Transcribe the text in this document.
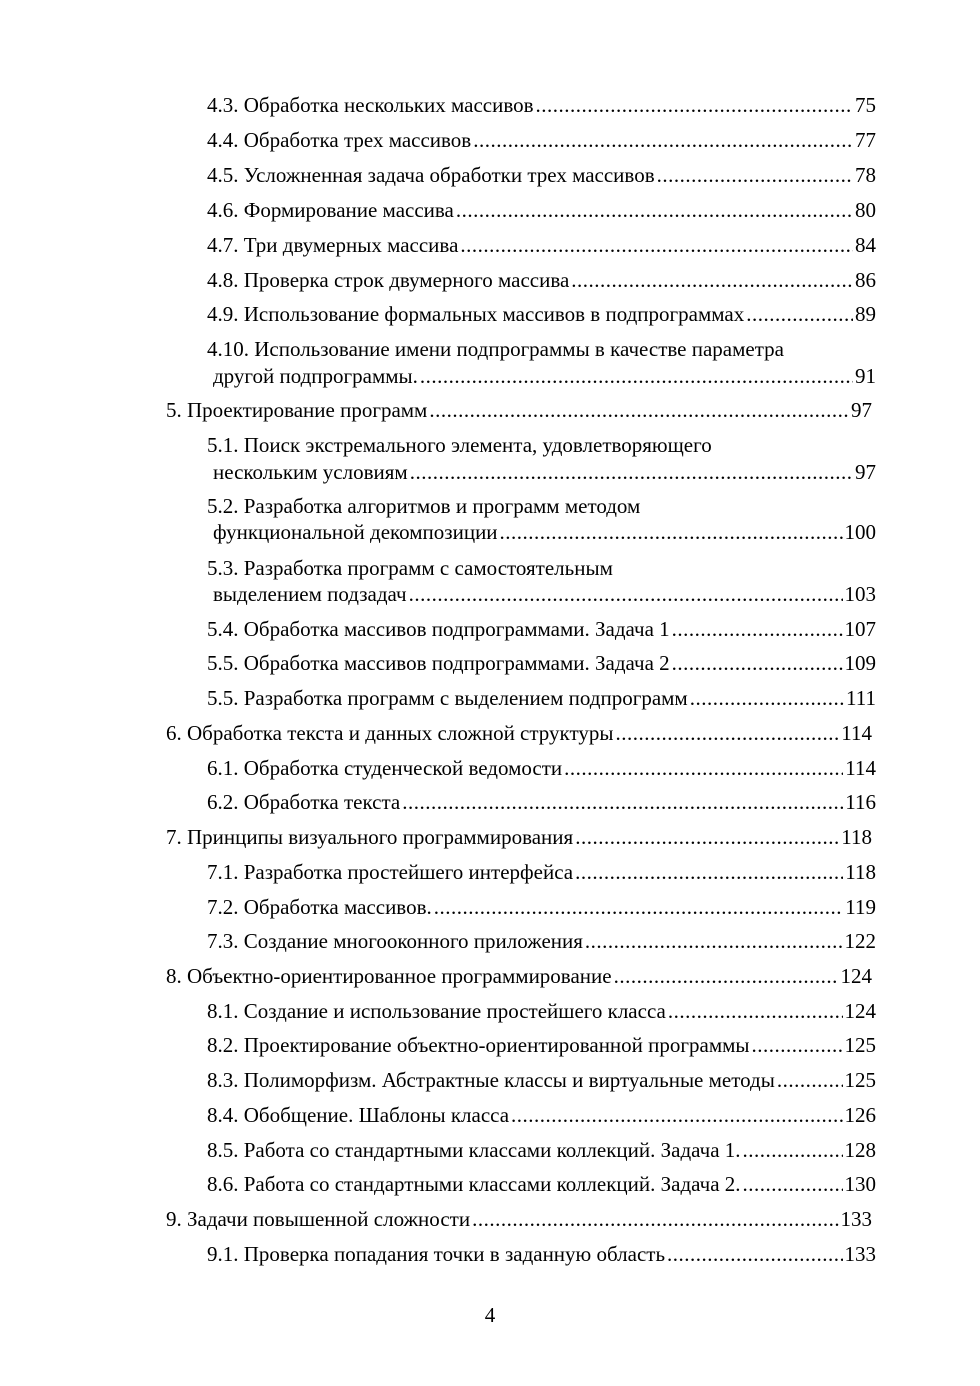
4.3. Обработка нескольких массивов .....	75
4.4. Обработка трех массивов .....	77
4.5. Усложненная задача обработки трех массивов .....	78
4.6. Формирование массива .....	80
4.7. Три двумерных массива .....	84
4.8. Проверка строк двумерного массива .....	86
4.9. Использование формальных массивов в подпрограммах .....	89
4.10. Использование имени подпрограммы в качестве параметра
другой подпрограммы. .....	91
5. Проектирование программ .....	97
5.1. Поиск экстремального элемента, удовлетворяющего
нескольким условиям .....	97
5.2. Разработка алгоритмов и программ методом
функциональной декомпозиции .....	100
5.3. Разработка программ с самостоятельным
выделением подзадач .....	103
5.4. Обработка массивов подпрограммами. Задача 1 .....	107
5.5. Обработка массивов подпрограммами. Задача 2 .....	109
5.5. Разработка программ с выделением подпрограмм .....	111
6. Обработка текста и данных сложной структуры .....	114
6.1. Обработка студенческой ведомости .....	114
6.2. Обработка текста .....	116
7. Принципы визуального программирования .....	118
7.1. Разработка простейшего интерфейса .....	118
7.2. Обработка массивов. .....	119
7.3. Создание многооконного приложения .....	122
8. Объектно-ориентированное программирование .....	124
8.1. Создание и использование простейшего класса .....	124
8.2. Проектирование объектно-ориентированной программы .....	125
8.3. Полиморфизм. Абстрактные классы и виртуальные методы .....	125
8.4. Обобщение. Шаблоны класса .....	126
8.5. Работа со стандартными классами коллекций. Задача 1. .....	128
8.6. Работа со стандартными классами коллекций. Задача 2. .....	130
9. Задачи повышенной сложности .....	133
9.1. Проверка попадания точки в заданную область .....	133
4
